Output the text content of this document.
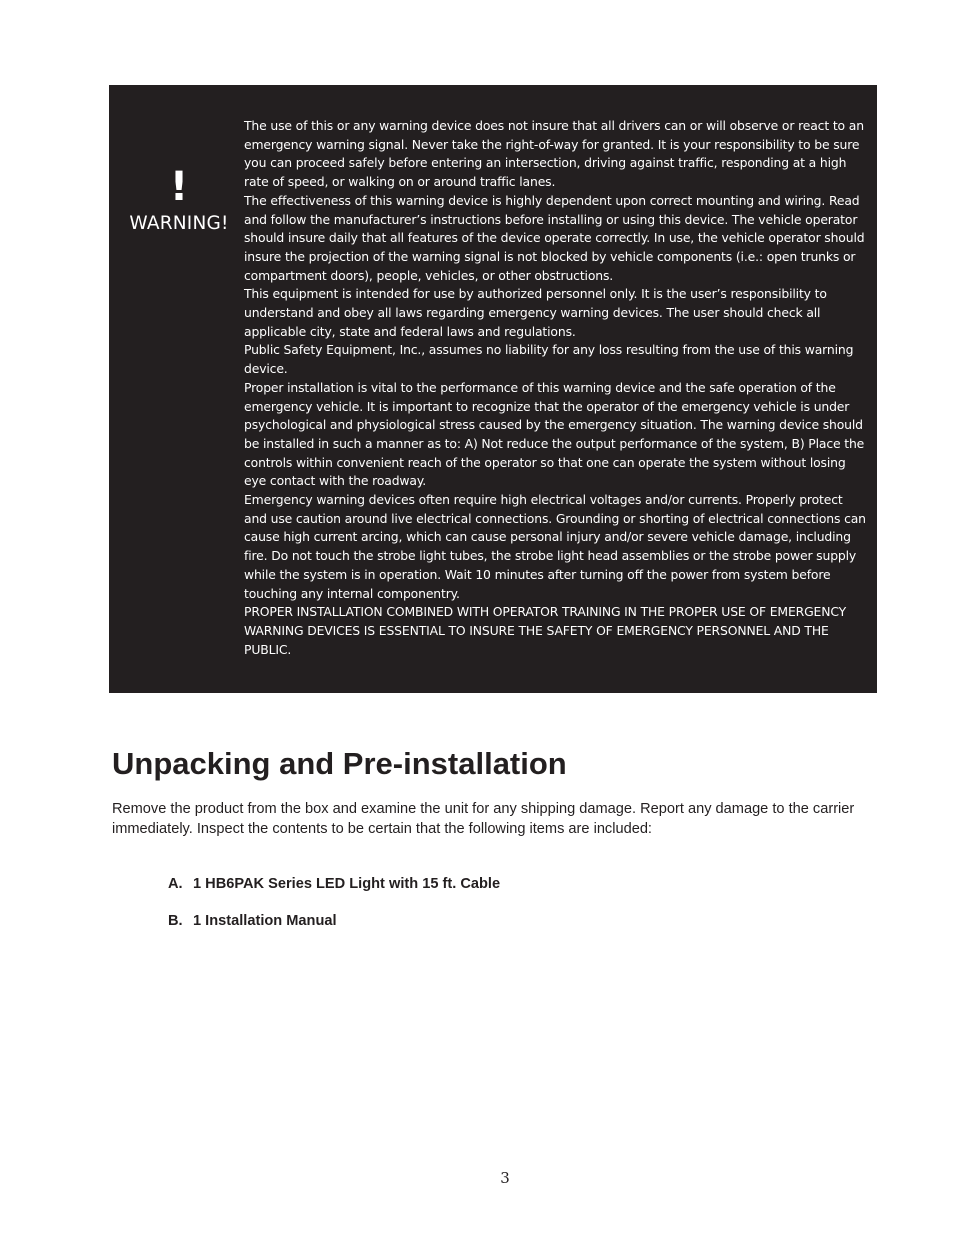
!
WARNING!

The use of this or any warning device does not insure that all drivers can or will observe or react to an emergency warning signal. Never take the right-of-way for granted. It is your responsibility to be sure you can proceed safely before entering an intersection, driving against traffic, responding at a high rate of speed, or walking on or around traffic lanes.

The effectiveness of this warning device is highly dependent upon correct mounting and wiring. Read and follow the manufacturer’s instructions before installing or using this device. The vehicle operator should insure daily that all features of the device operate correctly. In use, the vehicle operator should insure the projection of the warning signal is not blocked by vehicle components (i.e.: open trunks or compartment doors), people, vehicles, or other obstructions.

This equipment is intended for use by authorized personnel only. It is the user’s responsibility to understand and obey all laws regarding emergency warning devices. The user should check all applicable city, state and federal laws and regulations.

Public Safety Equipment, Inc., assumes no liability for any loss resulting from the use of this warning device.

Proper installation is vital to the performance of this warning device and the safe operation of the emergency vehicle. It is important to recognize that the operator of the emergency vehicle is under psychological and physiological stress caused by the emergency situation. The warning device should be installed in such a manner as to: A) Not reduce the output performance of the system, B) Place the controls within convenient reach of the operator so that one can operate the system without losing eye contact with the roadway.

Emergency warning devices often require high electrical voltages and/or currents. Properly protect and use caution around live electrical connections. Grounding or shorting of electrical connections can cause high current arcing, which can cause personal injury and/or severe vehicle damage, including fire. Do not touch the strobe light tubes, the strobe light head assemblies or the strobe power supply while the system is in operation. Wait 10 minutes after turning off the power from system before touching any internal componentry.

PROPER INSTALLATION COMBINED WITH OPERATOR TRAINING IN THE PROPER USE OF EMERGENCY WARNING DEVICES IS ESSENTIAL TO INSURE THE SAFETY OF EMERGENCY PERSONNEL AND THE PUBLIC.

Unpacking and Pre-installation

Remove the product from the box and examine the unit for any shipping damage. Report any damage to the carrier immediately. Inspect the contents to be certain that the following items are included:

A. 1 HB6PAK Series LED Light with 15 ft. Cable
B. 1 Installation Manual
3
